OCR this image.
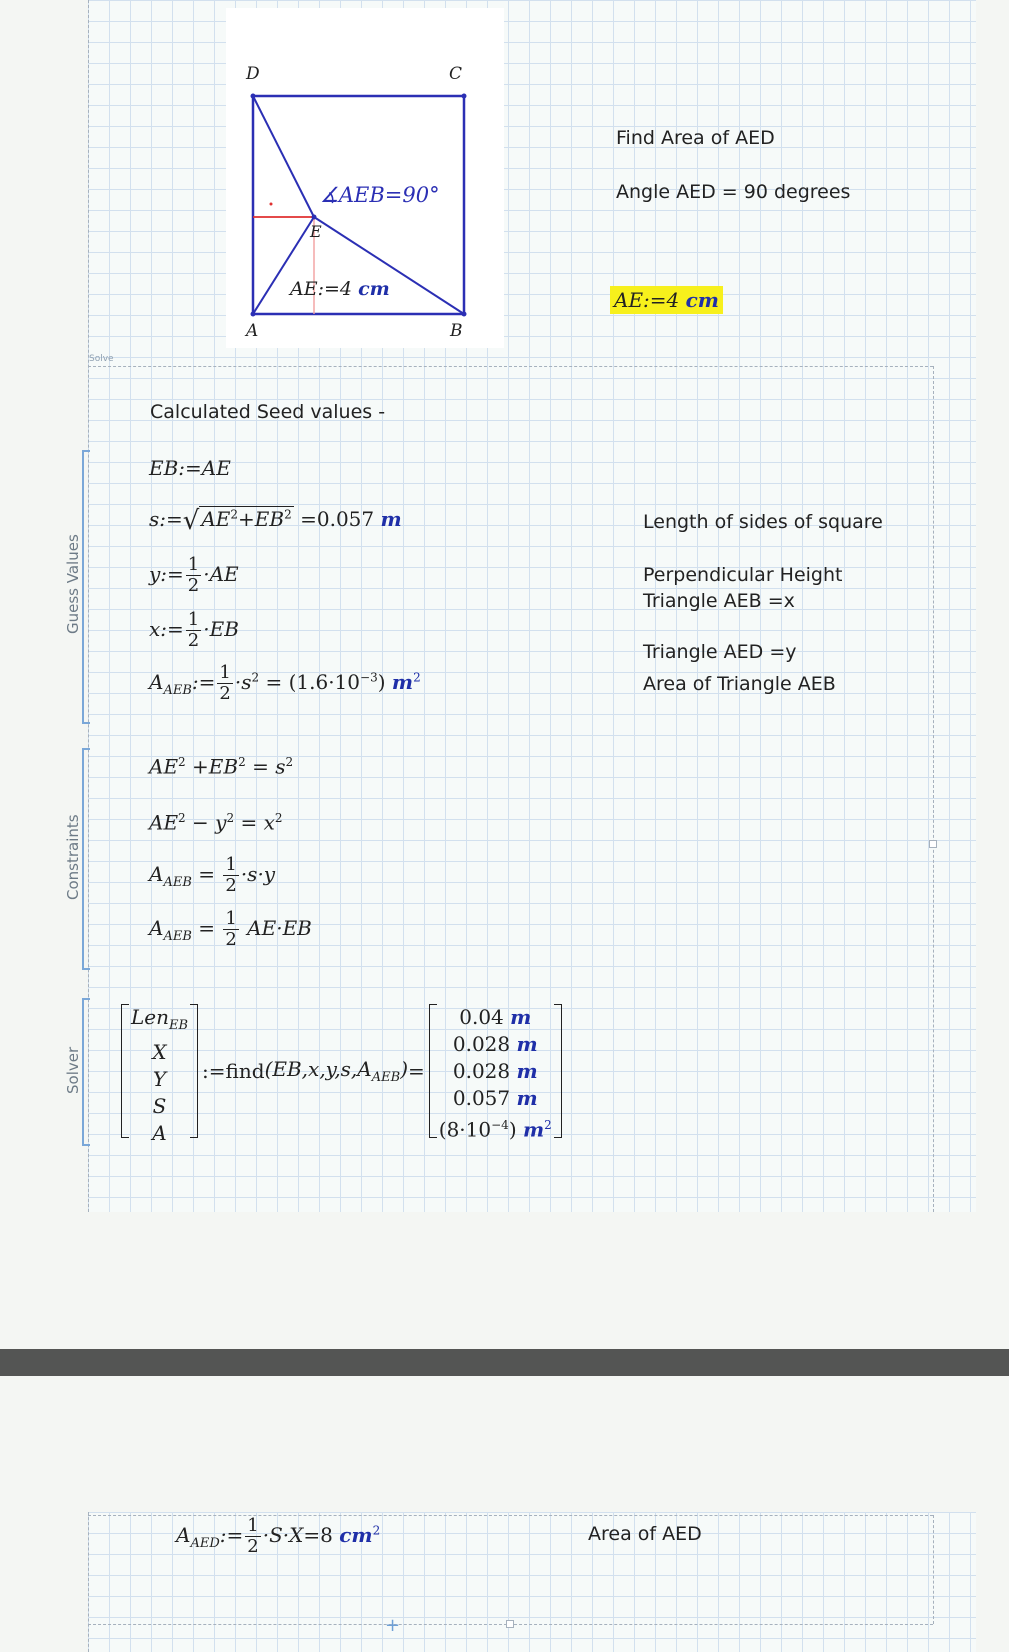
D	C
A	B
E
∡AEB=90°
AE:=4 cm
Find Area of AED
Angle AED = 90 degrees
AE:=4 cm
Solve
Calculated Seed values -
Guess Values
Constraints
Solver
EB:=AE
s:=√ $AE^2+EB^2 =0.057$ m
y:= $\frac{1}{2} \cdot AE$
x:= $\frac{1}{2} \cdot EB$
$A_{AEB}:= \frac{1}{2} \cdot s^2 = (1.6\cdot 10^{-3})$ $m^2$
Length of sides of square
Perpendicular Height
Triangle AEB =x
Triangle AED =y
Area of Triangle AEB
$AE^2 +EB^2 = s^2$
$AE^2 - y^2 = x^2$
$A_{AEB} = \frac{1}{2} \cdot s\cdot y$
$A_{AEB} = \frac{1}{2} AE\cdot EB$
Len$_{EB}$
X
Y
S
A
:=find $(EB,x,y,s,A_{AEB})$ =
0.04 m
0.028 m
0.028 m
0.057 m
$(8\cdot 10^{-4})$ $m^2$
+
$A_{AED}:= \frac{1}{2} \cdot S\cdot X=8$ $cm^2$	Area of AED
